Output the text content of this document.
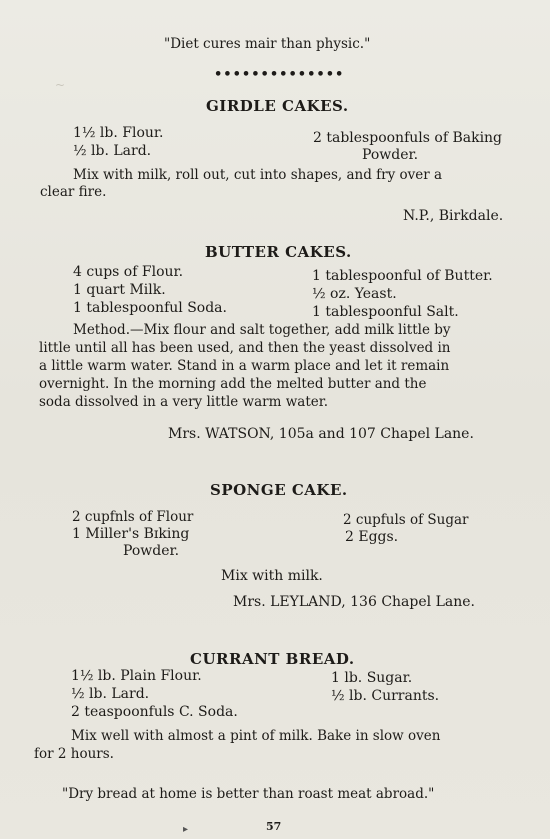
~
"Diet cures mair than physic."
••••••••••••••
GIRDLE CAKES.
1½ lb. Flour.
½ lb. Lard.
2 tablespoonfuls of Baking
Powder.
Mix with milk, roll out, cut into shapes, and fry over a
clear fire.
N.P., Birkdale.
BUTTER CAKES.
4 cups of Flour.
1 quart Milk.
1 tablespoonful Soda.
1 tablespoonful of Butter.
½ oz. Yeast.
1 tablespoonful Salt.
Method.—Mix flour and salt together, add milk little by
little until all has been used, and then the yeast dissolved in
a little warm water. Stand in a warm place and let it remain
overnight. In the morning add the melted butter and the
soda dissolved in a very little warm water.
Mrs. WATSON, 105a and 107 Chapel Lane.
SPONGE CAKE.
2 cupfnls of Flour
1 Miller's Bɪking
Powder.
2 cupfuls of Sugar
2 Eggs.
Mix with milk.
Mrs. LEYLAND, 136 Chapel Lane.
CURRANT BREAD.
1½ lb. Plain Flour.
½ lb. Lard.
2 teaspoonfuls C. Soda.
1 lb. Sugar.
½ lb. Currants.
Mix well with almost a pint of milk. Bake in slow oven
for 2 hours.
"Dry bread at home is better than roast meat abroad."
▸	57
